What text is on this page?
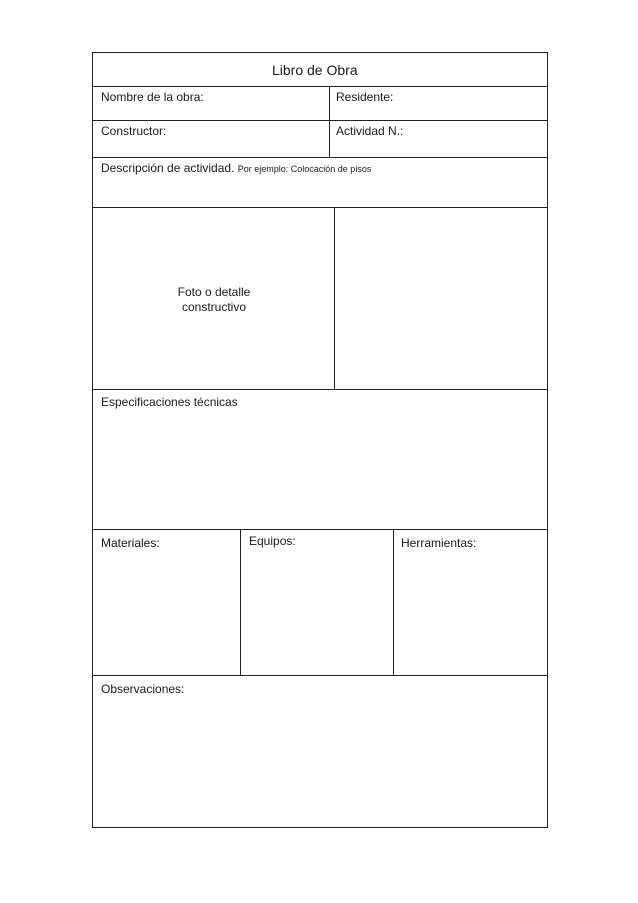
Libro de Obra
Nombre de la obra:	Residente:
Constructor:	Actividad N.:
Descripción de actividad. Por ejemplo: Colocación de pisos
Foto o detalle
constructivo
Especificaciones técnicas
Materiales:	Equipos:	Herramientas:
Observaciones:
